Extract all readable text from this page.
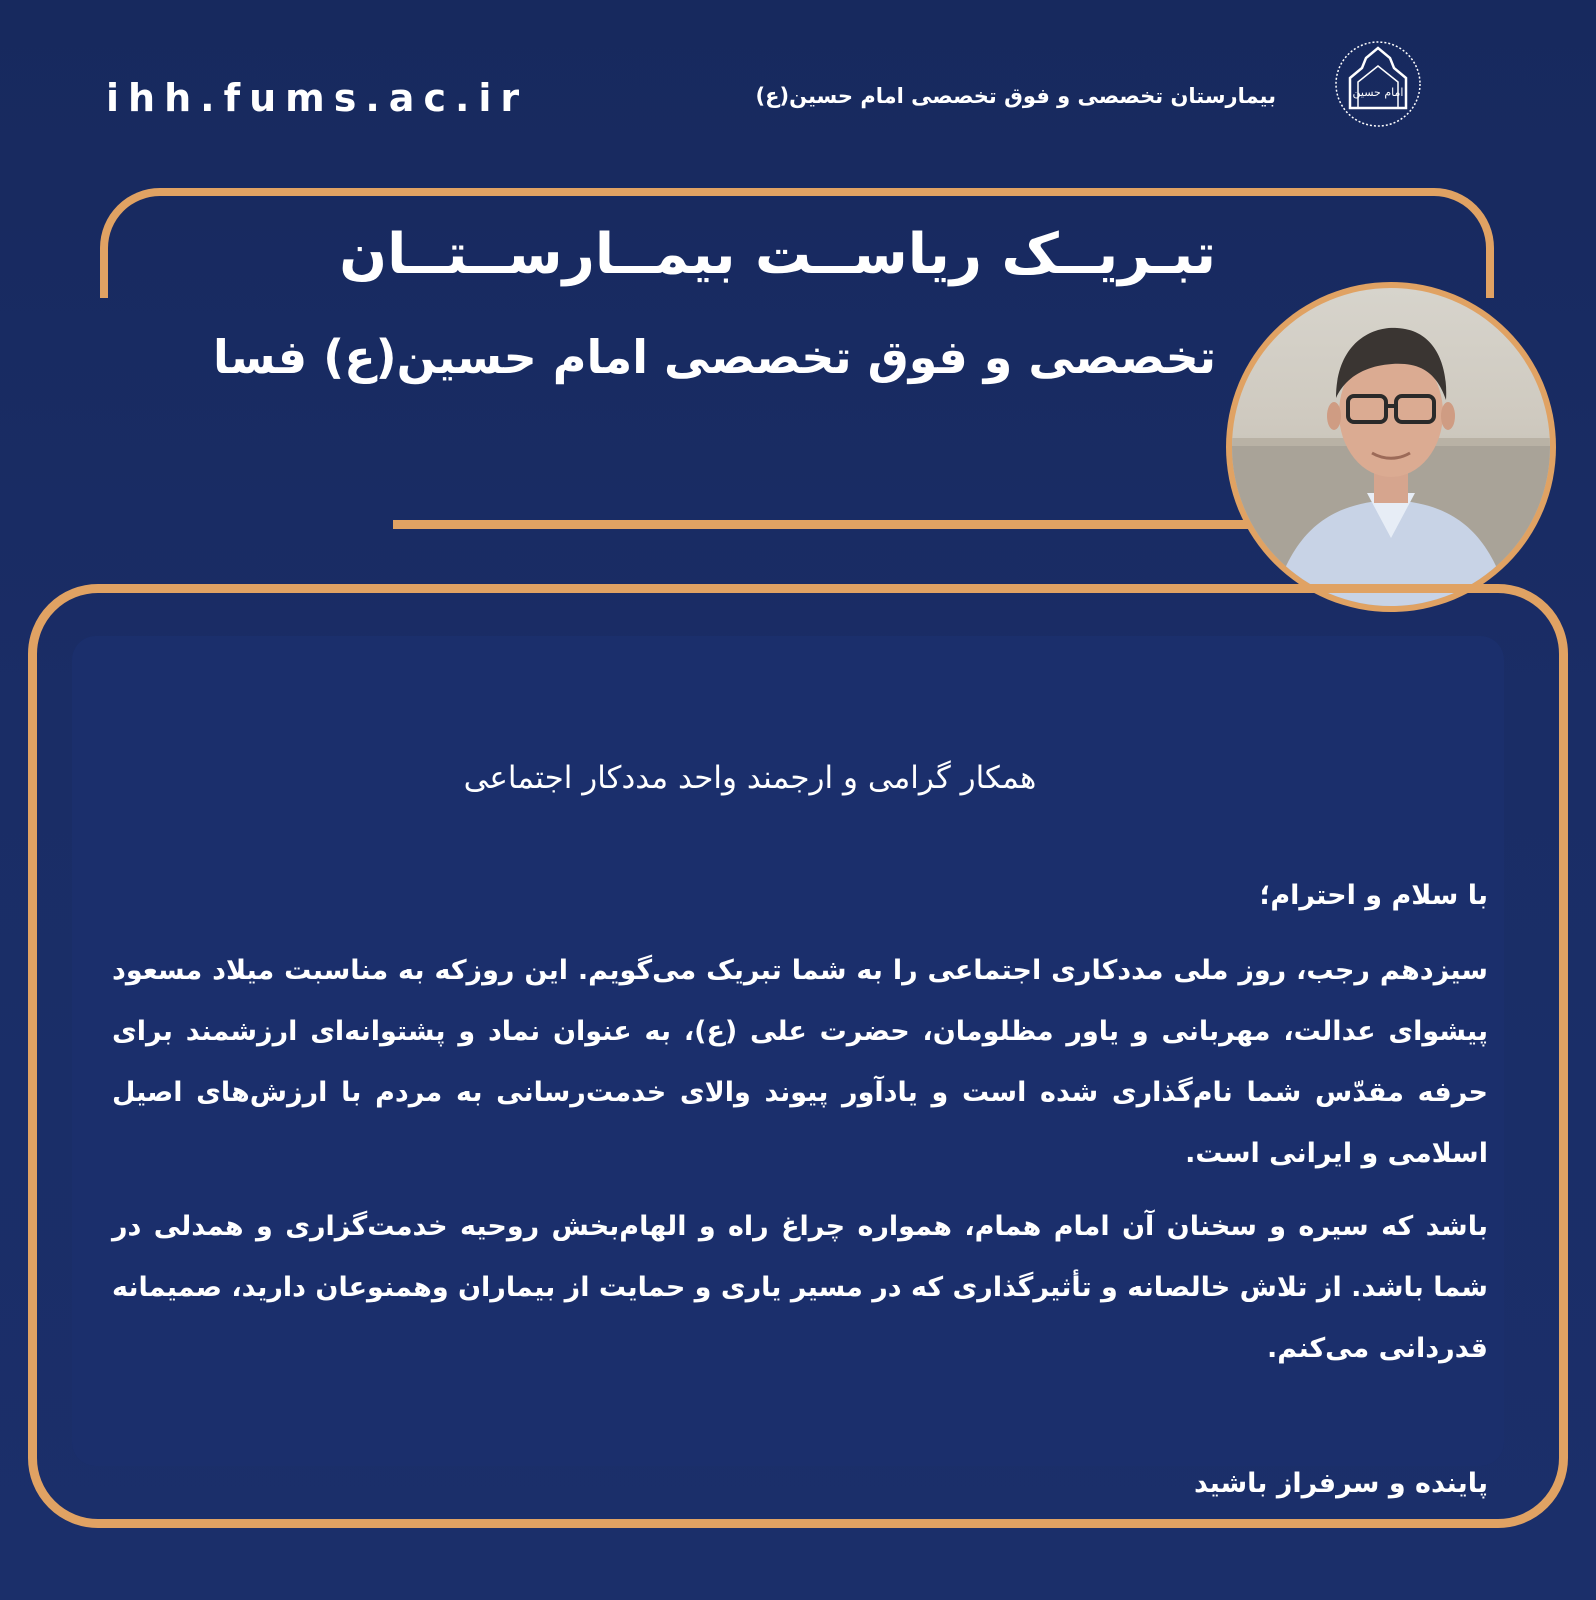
ihh.fums.ac.ir	بیمارستان تخصصی و فوق تخصصی امام حسین(ع)	امام حسین
تبـریــک ریاســت بیمــارســتــان
تخصصی و فوق تخصصی امام حسین(ع) فسا
همکار گرامی و ارجمند واحد مددکار اجتماعی
با سلام و احترام؛
سیزدهم رجب، روز ملی مددکاری اجتماعی را به شما تبریک می‌گویم. این روزکه به مناسبت میلاد مسعود پیشوای عدالت، مهربانی و یاور مظلومان، حضرت علی (ع)، به عنوان نماد و پشتوانه‌ای ارزشمند برای حرفه مقدّس شما نام‌گذاری شده است و یادآور پیوند والای خدمت‌رسانی به مردم با ارزش‌های اصیل اسلامی و ایرانی است.
باشد که سیره و سخنان آن امام همام، همواره چراغ راه و الهام‌بخش روحیه خدمت‌گزاری و همدلی در شما باشد. از تلاش خالصانه و تأثیرگذاری که در مسیر یاری و حمایت از بیماران وهمنوعان دارید، صمیمانه قدردانی می‌کنم.
پاینده و سرفراز باشید
